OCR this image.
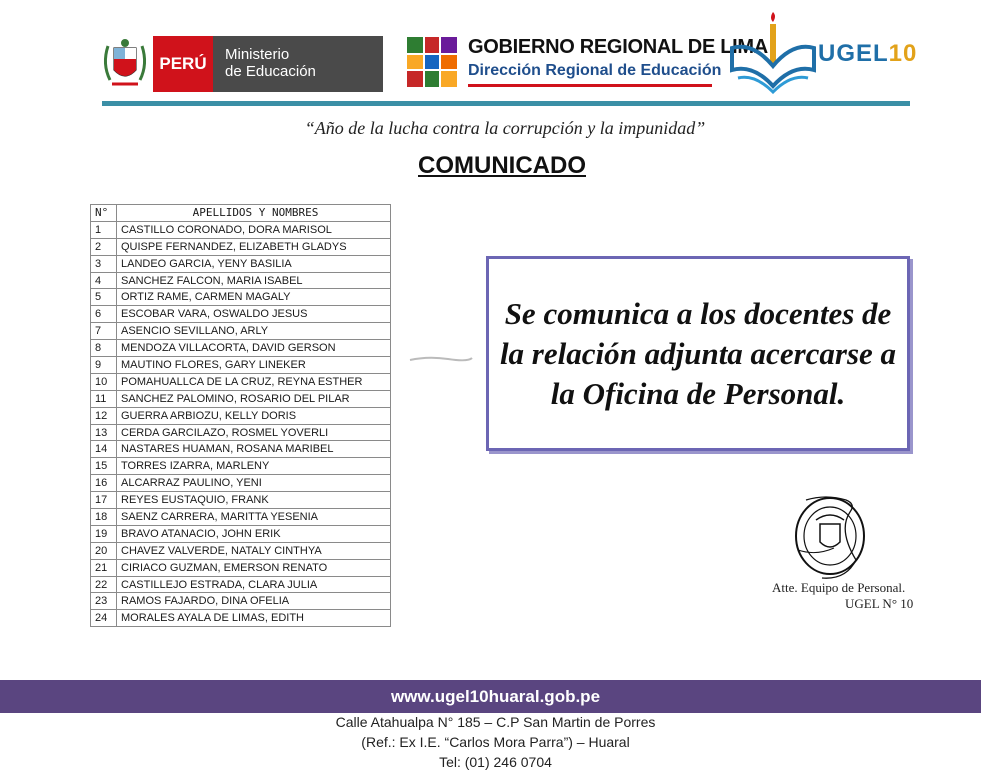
PERÚ	Ministerio
de Educación
GOBIERNO REGIONAL DE LIMA
Dirección Regional de Educación
UGEL10
“Año de la lucha contra la corrupción y la impunidad”
COMUNICADO
N°	APELLIDOS Y NOMBRES
1	CASTILLO CORONADO, DORA MARISOL
2	QUISPE FERNANDEZ, ELIZABETH GLADYS
3	LANDEO GARCIA, YENY BASILIA
4	SANCHEZ FALCON, MARIA ISABEL
5	ORTIZ RAME, CARMEN MAGALY
6	ESCOBAR VARA, OSWALDO JESUS
7	ASENCIO SEVILLANO, ARLY
8	MENDOZA VILLACORTA, DAVID GERSON
9	MAUTINO FLORES, GARY LINEKER
10	POMAHUALLCA DE LA CRUZ, REYNA ESTHER
11	SANCHEZ PALOMINO, ROSARIO DEL PILAR
12	GUERRA ARBIOZU, KELLY DORIS
13	CERDA GARCILAZO, ROSMEL YOVERLI
14	NASTARES HUAMAN, ROSANA MARIBEL
15	TORRES IZARRA, MARLENY
16	ALCARRAZ PAULINO, YENI
17	REYES EUSTAQUIO, FRANK
18	SAENZ CARRERA, MARITTA YESENIA
19	BRAVO ATANACIO, JOHN ERIK
20	CHAVEZ VALVERDE, NATALY CINTHYA
21	CIRIACO GUZMAN, EMERSON RENATO
22	CASTILLEJO ESTRADA, CLARA JULIA
23	RAMOS FAJARDO, DINA OFELIA
24	MORALES AYALA DE LIMAS, EDITH

Se comunica a los docentes de la relación adjunta acercarse a la Oficina de Personal.

Atte. Equipo de Personal.
UGEL N° 10
www.ugel10huaral.gob.pe
Calle Atahualpa N° 185 – C.P San Martin de Porres
(Ref.: Ex I.E. “Carlos Mora Parra”) – Huaral
Tel: (01) 246 0704
